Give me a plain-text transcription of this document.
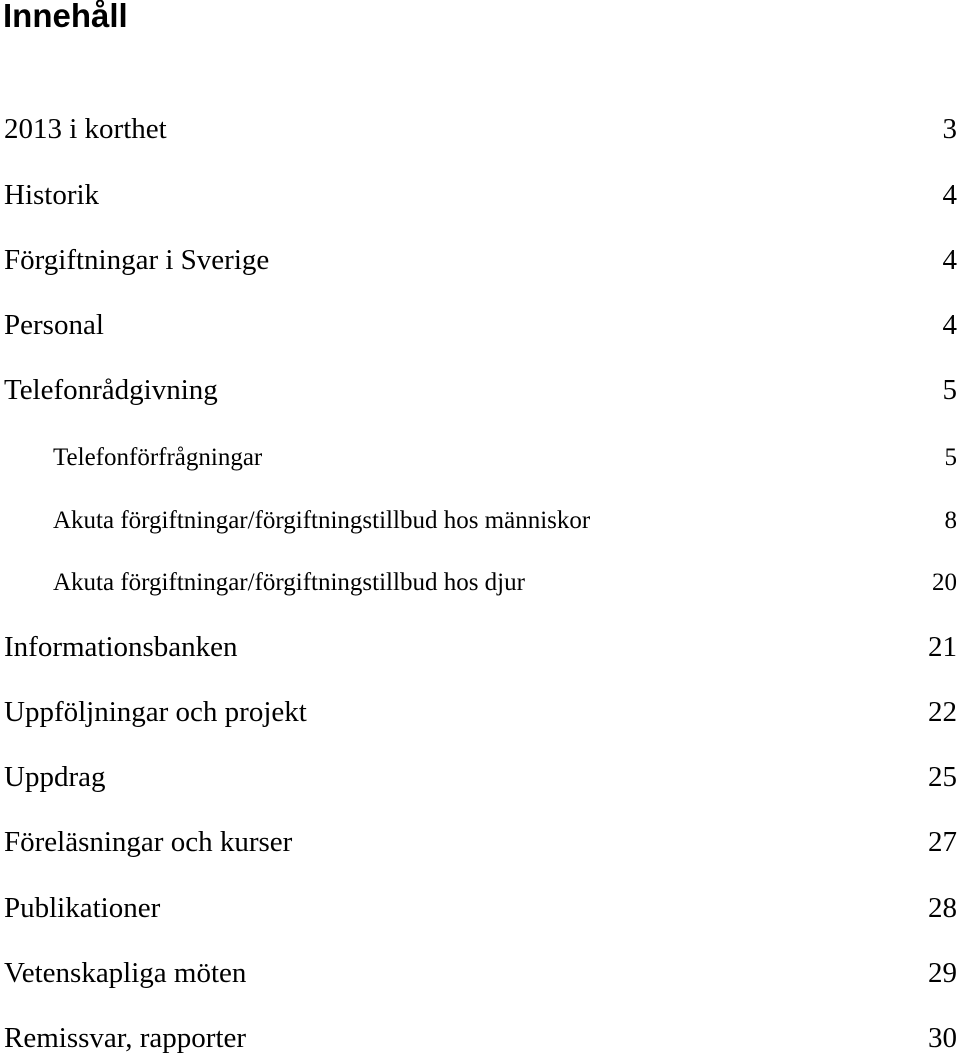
Innehåll
2013 i korthet	3
Historik	4
Förgiftningar i Sverige	4
Personal	4
Telefonrådgivning	5
Telefonförfrågningar	5
Akuta förgiftningar/förgiftningstillbud hos människor	8
Akuta förgiftningar/förgiftningstillbud hos djur	20
Informationsbanken	21
Uppföljningar och projekt	22
Uppdrag	25
Föreläsningar och kurser	27
Publikationer	28
Vetenskapliga möten	29
Remissvar, rapporter	30
